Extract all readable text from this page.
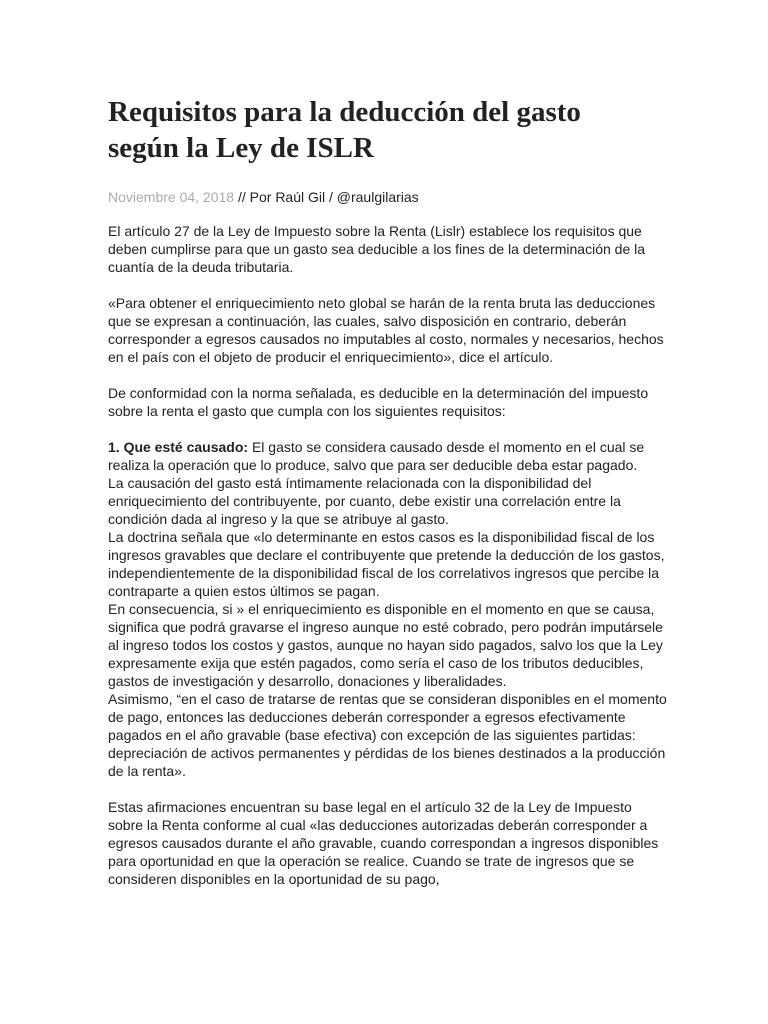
Requisitos para la deducción del gasto
según la Ley de ISLR
Noviembre 04, 2018 // Por Raúl Gil / @raulgilarias

El artículo 27 de la Ley de Impuesto sobre la Renta (Lislr) establece los requisitos que deben cumplirse para que un gasto sea deducible a los fines de la determinación de la cuantía de la deuda tributaria.

«Para obtener el enriquecimiento neto global se harán de la renta bruta las deducciones que se expresan a continuación, las cuales, salvo disposición en contrario, deberán corresponder a egresos causados no imputables al costo, normales y necesarios, hechos en el país con el objeto de producir el enriquecimiento», dice el artículo.

De conformidad con la norma señalada, es deducible en la determinación del impuesto sobre la renta el gasto que cumpla con los siguientes requisitos:

1. Que esté causado: El gasto se considera causado desde el momento en el cual se realiza la operación que lo produce, salvo que para ser deducible deba estar pagado.

La causación del gasto está íntimamente relacionada con la disponibilidad del enriquecimiento del contribuyente, por cuanto, debe existir una correlación entre la condición dada al ingreso y la que se atribuye al gasto.

La doctrina señala que «lo determinante en estos casos es la disponibilidad fiscal de los ingresos gravables que declare el contribuyente que pretende la deducción de los gastos, independientemente de la disponibilidad fiscal de los correlativos ingresos que percibe la contraparte a quien estos últimos se pagan.

En consecuencia, si » el enriquecimiento es disponible en el momento en que se causa, significa que podrá gravarse el ingreso aunque no esté cobrado, pero podrán imputársele al ingreso todos los costos y gastos, aunque no hayan sido pagados, salvo los que la Ley expresamente exija que estén pagados, como sería el caso de los tributos deducibles, gastos de investigación y desarrollo, donaciones y liberalidades.

Asimismo, “en el caso de tratarse de rentas que se consideran disponibles en el momento de pago, entonces las deducciones deberán corresponder a egresos efectivamente pagados en el año gravable (base efectiva) con excepción de las siguientes partidas: depreciación de activos permanentes y pérdidas de los bienes destinados a la producción de la renta».

Estas afirmaciones encuentran su base legal en el artículo 32 de la Ley de Impuesto sobre la Renta conforme al cual «las deducciones autorizadas deberán corresponder a egresos causados durante el año gravable, cuando correspondan a ingresos disponibles para oportunidad en que la operación se realice. Cuando se trate de ingresos que se consideren disponibles en la oportunidad de su pago,
